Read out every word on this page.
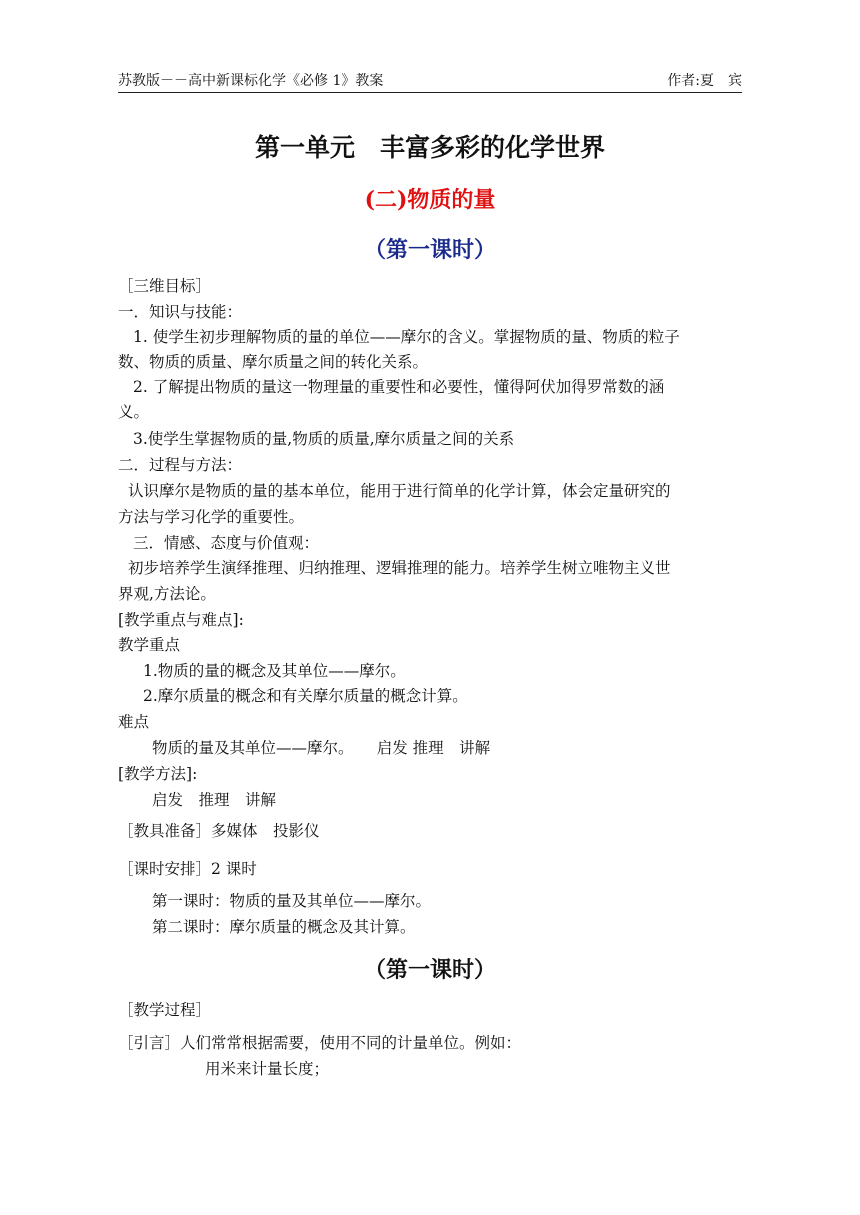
苏教版－－高中新课标化学《必修 1》教案	作者:夏　宾
第一单元　丰富多彩的化学世界
(二)物质的量
（第一课时）
［三维目标］
一．知识与技能：
1. 使学生初步理解物质的量的单位——摩尔的含义。掌握物质的量、物质的粒子
数、物质的质量、摩尔质量之间的转化关系。
2. 了解提出物质的量这一物理量的重要性和必要性，懂得阿伏加得罗常数的涵
义。
3.使学生掌握物质的量,物质的质量,摩尔质量之间的关系
二．过程与方法：
认识摩尔是物质的量的基本单位，能用于进行简单的化学计算，体会定量研究的
方法与学习化学的重要性。
三．情感、态度与价值观：
初步培养学生演绎推理、归纳推理、逻辑推理的能力。培养学生树立唯物主义世
界观,方法论。
[教学重点与难点]:
教学重点
1.物质的量的概念及其单位——摩尔。
2.摩尔质量的概念和有关摩尔质量的概念计算。
难点
物质的量及其单位——摩尔。　　启发 推理　讲解
[教学方法]:
启发　推理　讲解
［教具准备］多媒体　投影仪
［课时安排］2 课时
第一课时：物质的量及其单位——摩尔。
第二课时：摩尔质量的概念及其计算。
（第一课时）
［教学过程］
［引言］人们常常根据需要，使用不同的计量单位。例如：
用米来计量长度；
